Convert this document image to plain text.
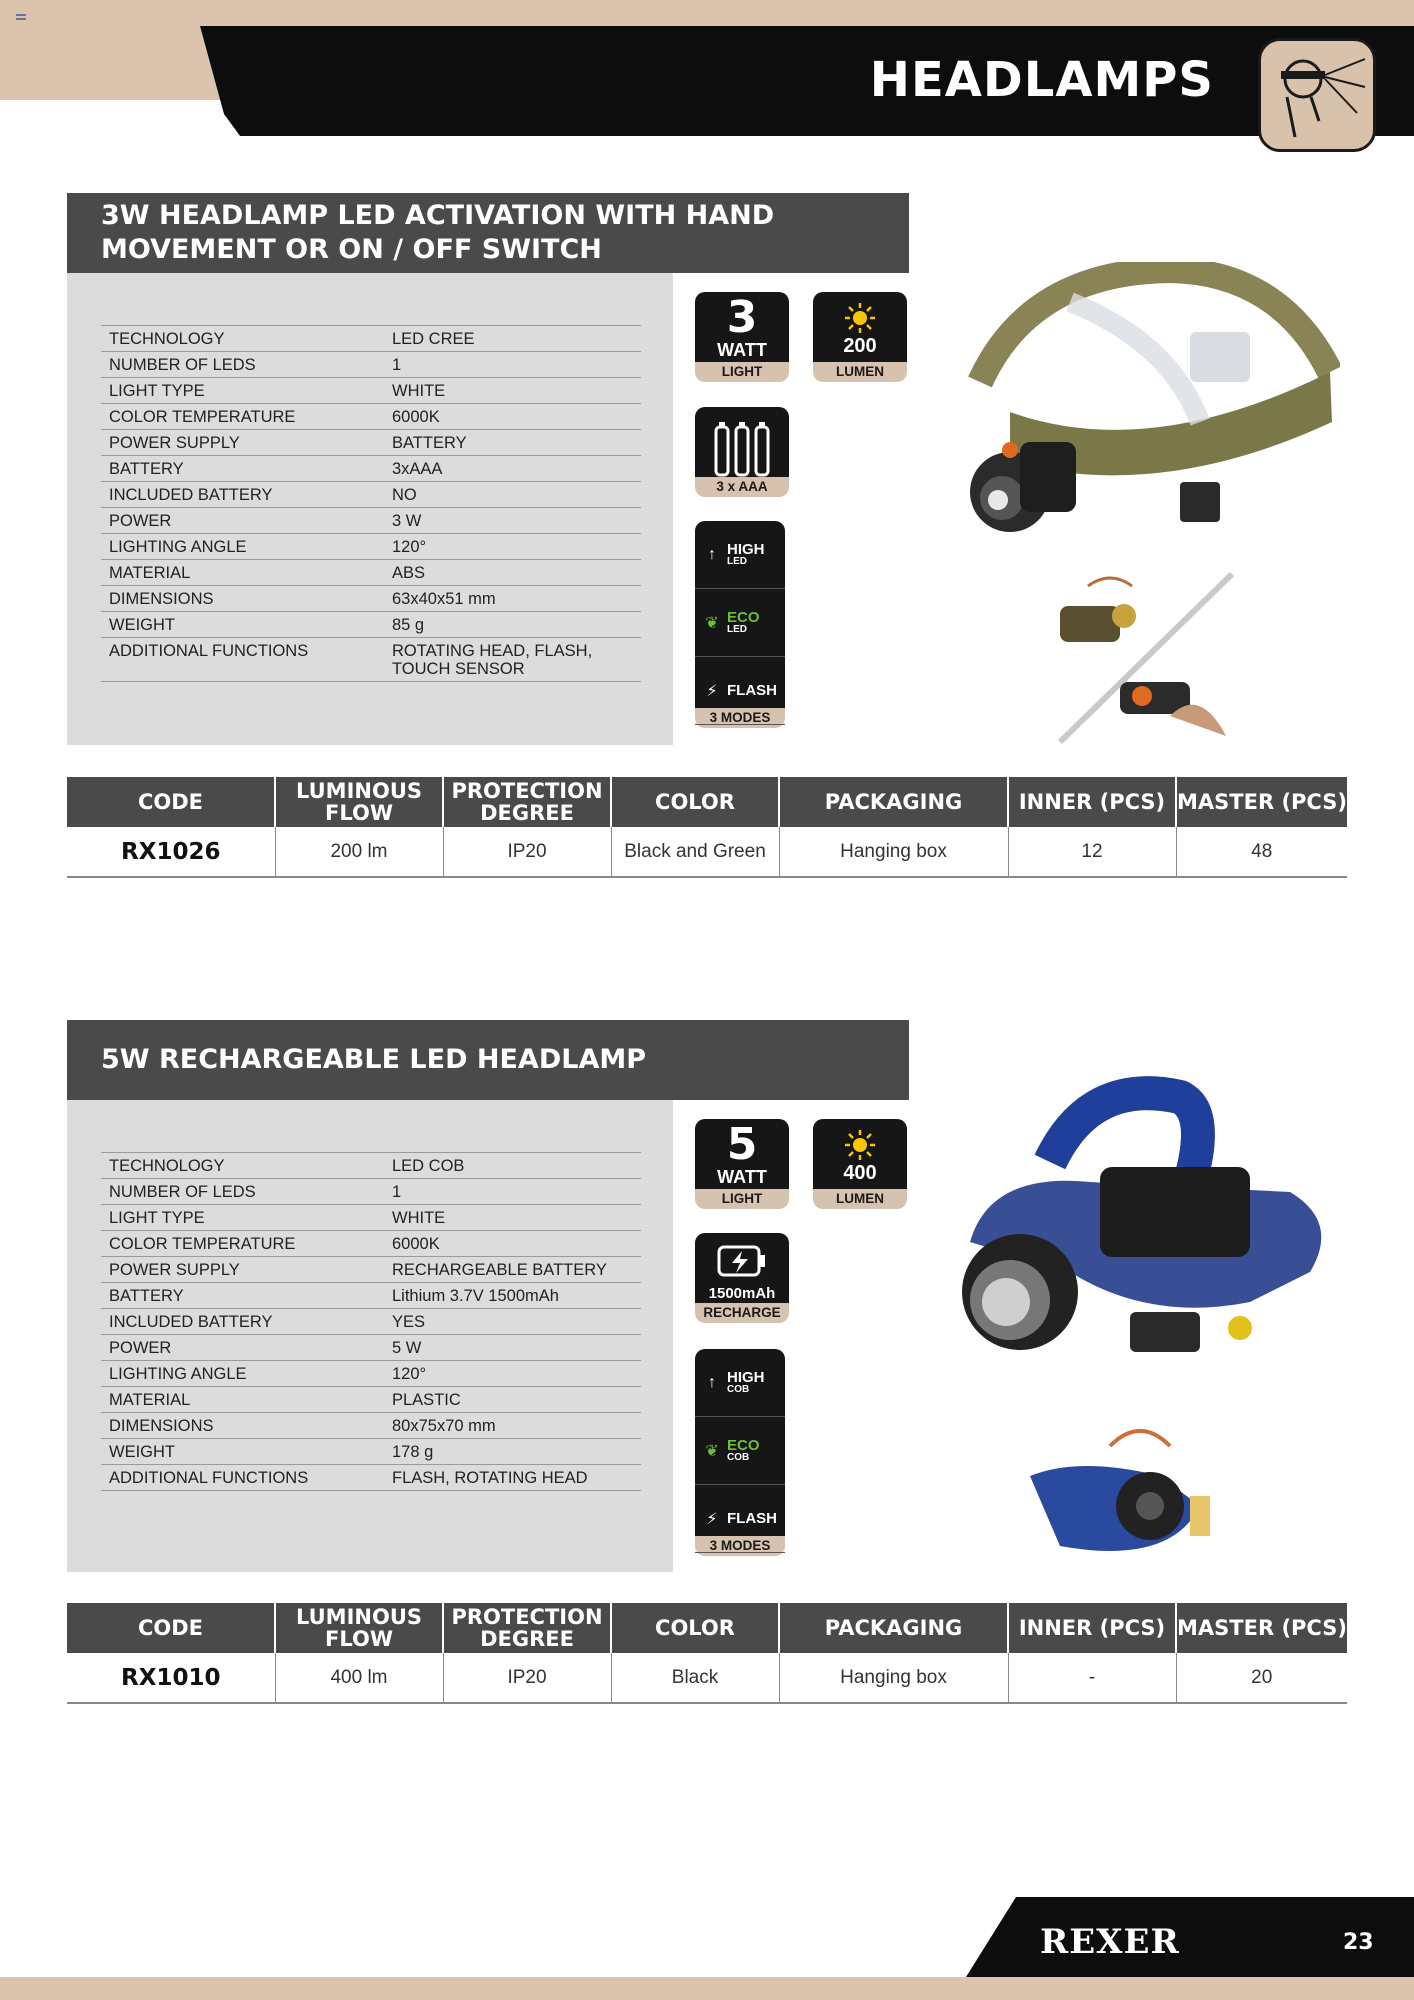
HEADLAMPS
3W HEADLAMP LED ACTIVATION WITH HAND MOVEMENT OR ON / OFF SWITCH
TECHNOLOGY	LED CREE
NUMBER OF LEDS	1
LIGHT TYPE	WHITE
COLOR TEMPERATURE	6000K
POWER SUPPLY	BATTERY
BATTERY	3xAAA
INCLUDED BATTERY	NO
POWER	3 W
LIGHTING ANGLE	120°
MATERIAL	ABS
DIMENSIONS	63x40x51 mm
WEIGHT	85 g
ADDITIONAL FUNCTIONS	ROTATING HEAD, FLASH, TOUCH SENSOR
3
WATT
LIGHT
200
LUMEN
3 x AAA
↑ HIGH
LED
❦ ECO
LED
⚡ FLASH
3 MODES
CODE	LUMINOUS FLOW	PROTECTION DEGREE	COLOR	PACKAGING	INNER (PCS)	MASTER (PCS)
RX1026	200 lm	IP20	Black and Green	Hanging box	12	48
5W RECHARGEABLE LED HEADLAMP
TECHNOLOGY	LED COB
NUMBER OF LEDS	1
LIGHT TYPE	WHITE
COLOR TEMPERATURE	6000K
POWER SUPPLY	RECHARGEABLE BATTERY
BATTERY	Lithium 3.7V 1500mAh
INCLUDED BATTERY	YES
POWER	5 W
LIGHTING ANGLE	120°
MATERIAL	PLASTIC
DIMENSIONS	80x75x70 mm
WEIGHT	178 g
ADDITIONAL FUNCTIONS	FLASH, ROTATING HEAD
5
WATT
LIGHT
400
LUMEN
1500mAh
RECHARGE
↑ HIGH
COB
❦ ECO
COB
⚡ FLASH
3 MODES
CODE	LUMINOUS FLOW	PROTECTION DEGREE	COLOR	PACKAGING	INNER (PCS)	MASTER (PCS)
RX1010	400 lm	IP20	Black	Hanging box	-	20
REXER	23
